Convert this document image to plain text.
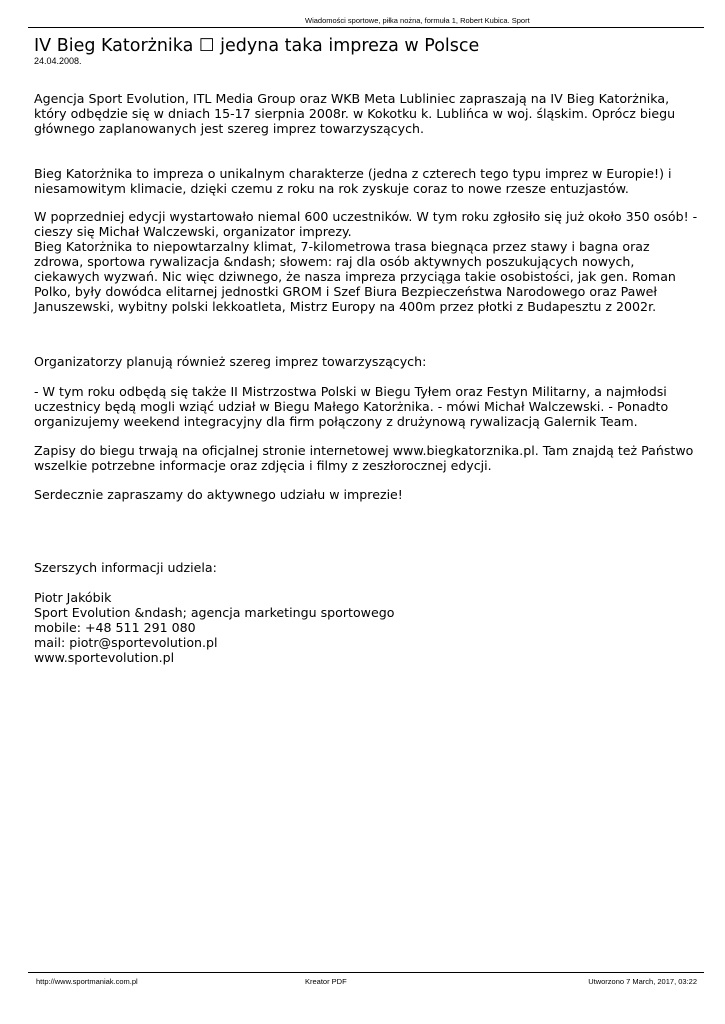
Wiadomości sportowe, piłka nożna, formuła 1, Robert Kubica. Sport
IV Bieg Katorżnika ☐ jedyna taka impreza w Polsce
24.04.2008.
Agencja Sport Evolution, ITL Media Group oraz WKB Meta Lubliniec zapraszają na IV Bieg Katorżnika,
który odbędzie się w dniach 15-17 sierpnia 2008r. w Kokotku k. Lublińca w woj. śląskim. Oprócz biegu
głównego zaplanowanych jest szereg imprez towarzyszących.
Bieg Katorżnika to impreza o unikalnym charakterze (jedna z czterech tego typu imprez w Europie!) i
niesamowitym klimacie, dzięki czemu z roku na rok zyskuje coraz to nowe rzesze entuzjastów.
W poprzedniej edycji wystartowało niemal 600 uczestników. W tym roku zgłosiło się już około 350 osób! -
cieszy się Michał Walczewski, organizator imprezy.
Bieg Katorżnika to niepowtarzalny klimat, 7-kilometrowa trasa biegnąca przez stawy i bagna oraz
zdrowa, sportowa rywalizacja &ndash; słowem: raj dla osób aktywnych poszukujących nowych,
ciekawych wyzwań. Nic więc dziwnego, że nasza impreza przyciąga takie osobistości, jak gen. Roman
Polko, były dowódca elitarnej jednostki GROM i Szef Biura Bezpieczeństwa Narodowego oraz Paweł
Januszewski, wybitny polski lekkoatleta, Mistrz Europy na 400m przez płotki z Budapesztu z 2002r.
Organizatorzy planują również szereg imprez towarzyszących:
- W tym roku odbędą się także II Mistrzostwa Polski w Biegu Tyłem oraz Festyn Militarny, a najmłodsi
uczestnicy będą mogli wziąć udział w Biegu Małego Katorżnika. - mówi Michał Walczewski. - Ponadto
organizujemy weekend integracyjny dla firm połączony z drużynową rywalizacją Galernik Team.
Zapisy do biegu trwają na oficjalnej stronie internetowej www.biegkatorznika.pl. Tam znajdą też Państwo
wszelkie potrzebne informacje oraz zdjęcia i filmy z zeszłorocznej edycji.
Serdecznie zapraszamy do aktywnego udziału w imprezie!
Szerszych informacji udziela:
Piotr Jakóbik
Sport Evolution &ndash; agencja marketingu sportowego
mobile: +48 511 291 080
mail: piotr@sportevolution.pl
www.sportevolution.pl
http://www.sportmaniak.com.pl	Kreator PDF	Utworzono 7 March, 2017, 03:22
